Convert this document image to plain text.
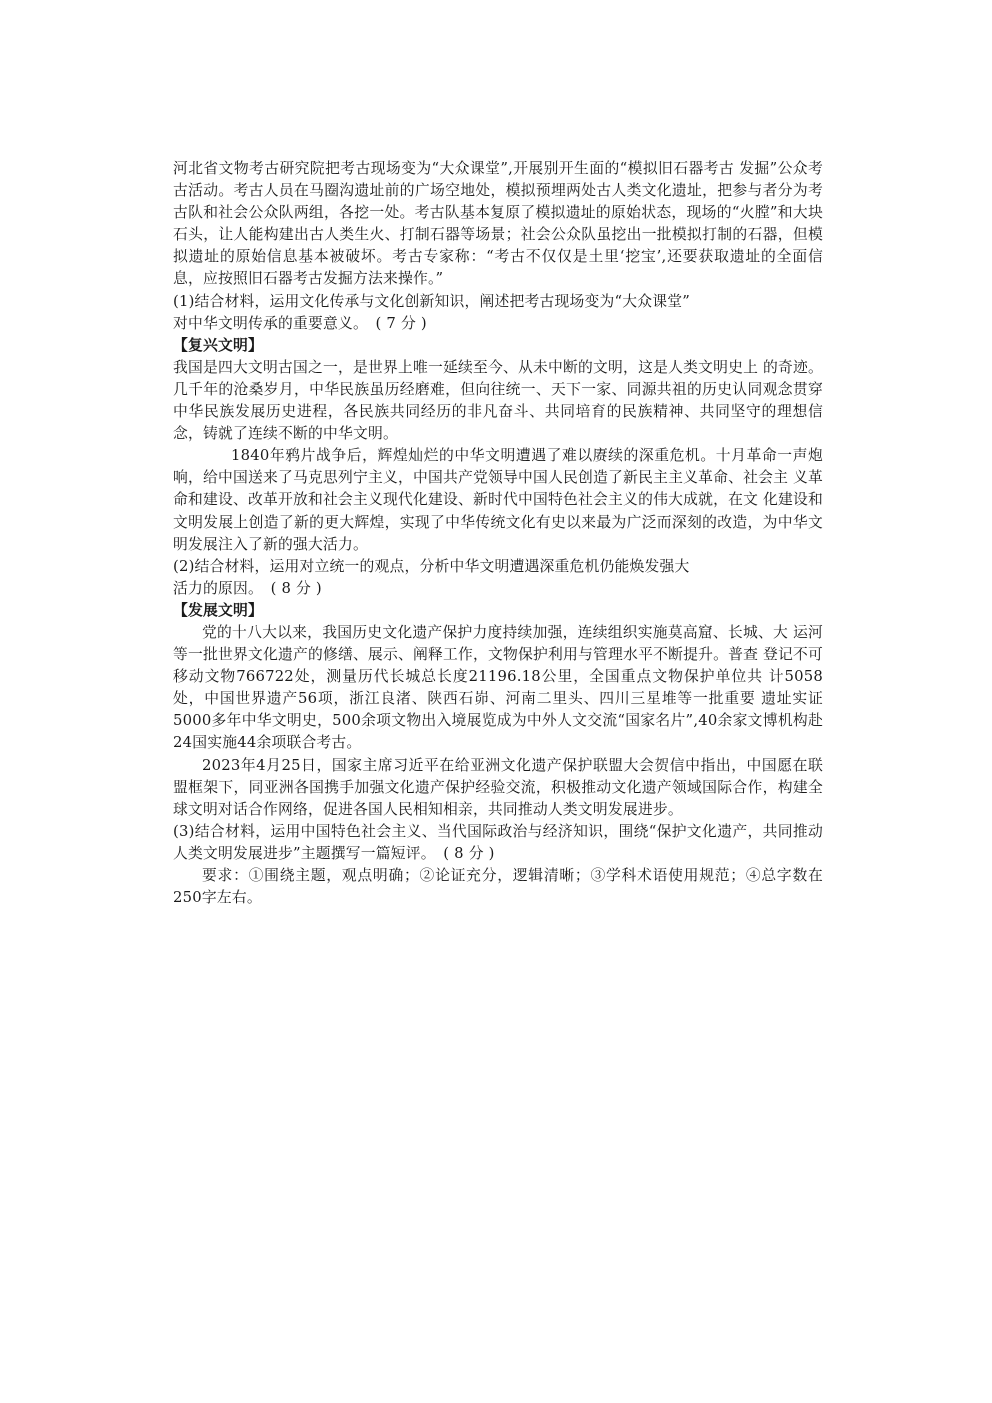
河北省文物考古研究院把考古现场变为“大众课堂”,开展别开生面的“模拟旧石器考古 发掘”公众考古活动。考古人员在马圈沟遗址前的广场空地处，模拟预埋两处古人类文化遗址，把参与者分为考古队和社会公众队两组，各挖一处。考古队基本复原了模拟遗址的原始状态，现场的“火膛”和大块石头，让人能构建出古人类生火、打制石器等场景；社会公众队虽挖出一批模拟打制的石器，但模拟遗址的原始信息基本被破坏。考古专家称：“考古不仅仅是土里‘挖宝’,还要获取遗址的全面信息，应按照旧石器考古发掘方法来操作。”

(1)结合材料，运用文化传承与文化创新知识，阐述把考古现场变为“大众课堂”

对中华文明传承的重要意义。　( 7 分 )

【复兴文明】

我国是四大文明古国之一，是世界上唯一延续至今、从未中断的文明，这是人类文明史上 的奇迹。几千年的沧桑岁月，中华民族虽历经磨难，但向往统一、天下一家、同源共祖的历史认同观念贯穿中华民族发展历史进程，各民族共同经历的非凡奋斗、共同培育的民族精神、共同坚守的理想信念，铸就了连续不断的中华文明。

1840年鸦片战争后，辉煌灿烂的中华文明遭遇了难以赓续的深重危机。十月革命一声炮 响，给中国送来了马克思列宁主义，中国共产党领导中国人民创造了新民主主义革命、社会主 义革命和建设、改革开放和社会主义现代化建设、新时代中国特色社会主义的伟大成就，在文 化建设和文明发展上创造了新的更大辉煌，实现了中华传统文化有史以来最为广泛而深刻的改造，为中华文明发展注入了新的强大活力。

(2)结合材料，运用对立统一的观点，分析中华文明遭遇深重危机仍能焕发强大

活力的原因。　( 8 分 )

【发展文明】

党的十八大以来，我国历史文化遗产保护力度持续加强，连续组织实施莫高窟、长城、大 运河等一批世界文化遗产的修缮、展示、阐释工作，文物保护利用与管理水平不断提升。普查 登记不可移动文物766722处，测量历代长城总长度21196.18公里，全国重点文物保护单位共 计5058处，中国世界遗产56项，浙江良渚、陕西石峁、河南二里头、四川三星堆等一批重要 遗址实证5000多年中华文明史，500余项文物出入境展览成为中外人文交流“国家名片”,40余家文博机构赴24国实施44余项联合考古。

2023年4月25日，国家主席习近平在给亚洲文化遗产保护联盟大会贺信中指出，中国愿在联盟框架下，同亚洲各国携手加强文化遗产保护经验交流，积极推动文化遗产领域国际合作，构建全球文明对话合作网络，促进各国人民相知相亲，共同推动人类文明发展进步。

(3)结合材料，运用中国特色社会主义、当代国际政治与经济知识，围绕“保护文化遗产，共同推动人类文明发展进步”主题撰写一篇短评。　( 8 分 )

要求：①围绕主题，观点明确；②论证充分，逻辑清晰；③学科术语使用规范；④总字数在250字左右。
